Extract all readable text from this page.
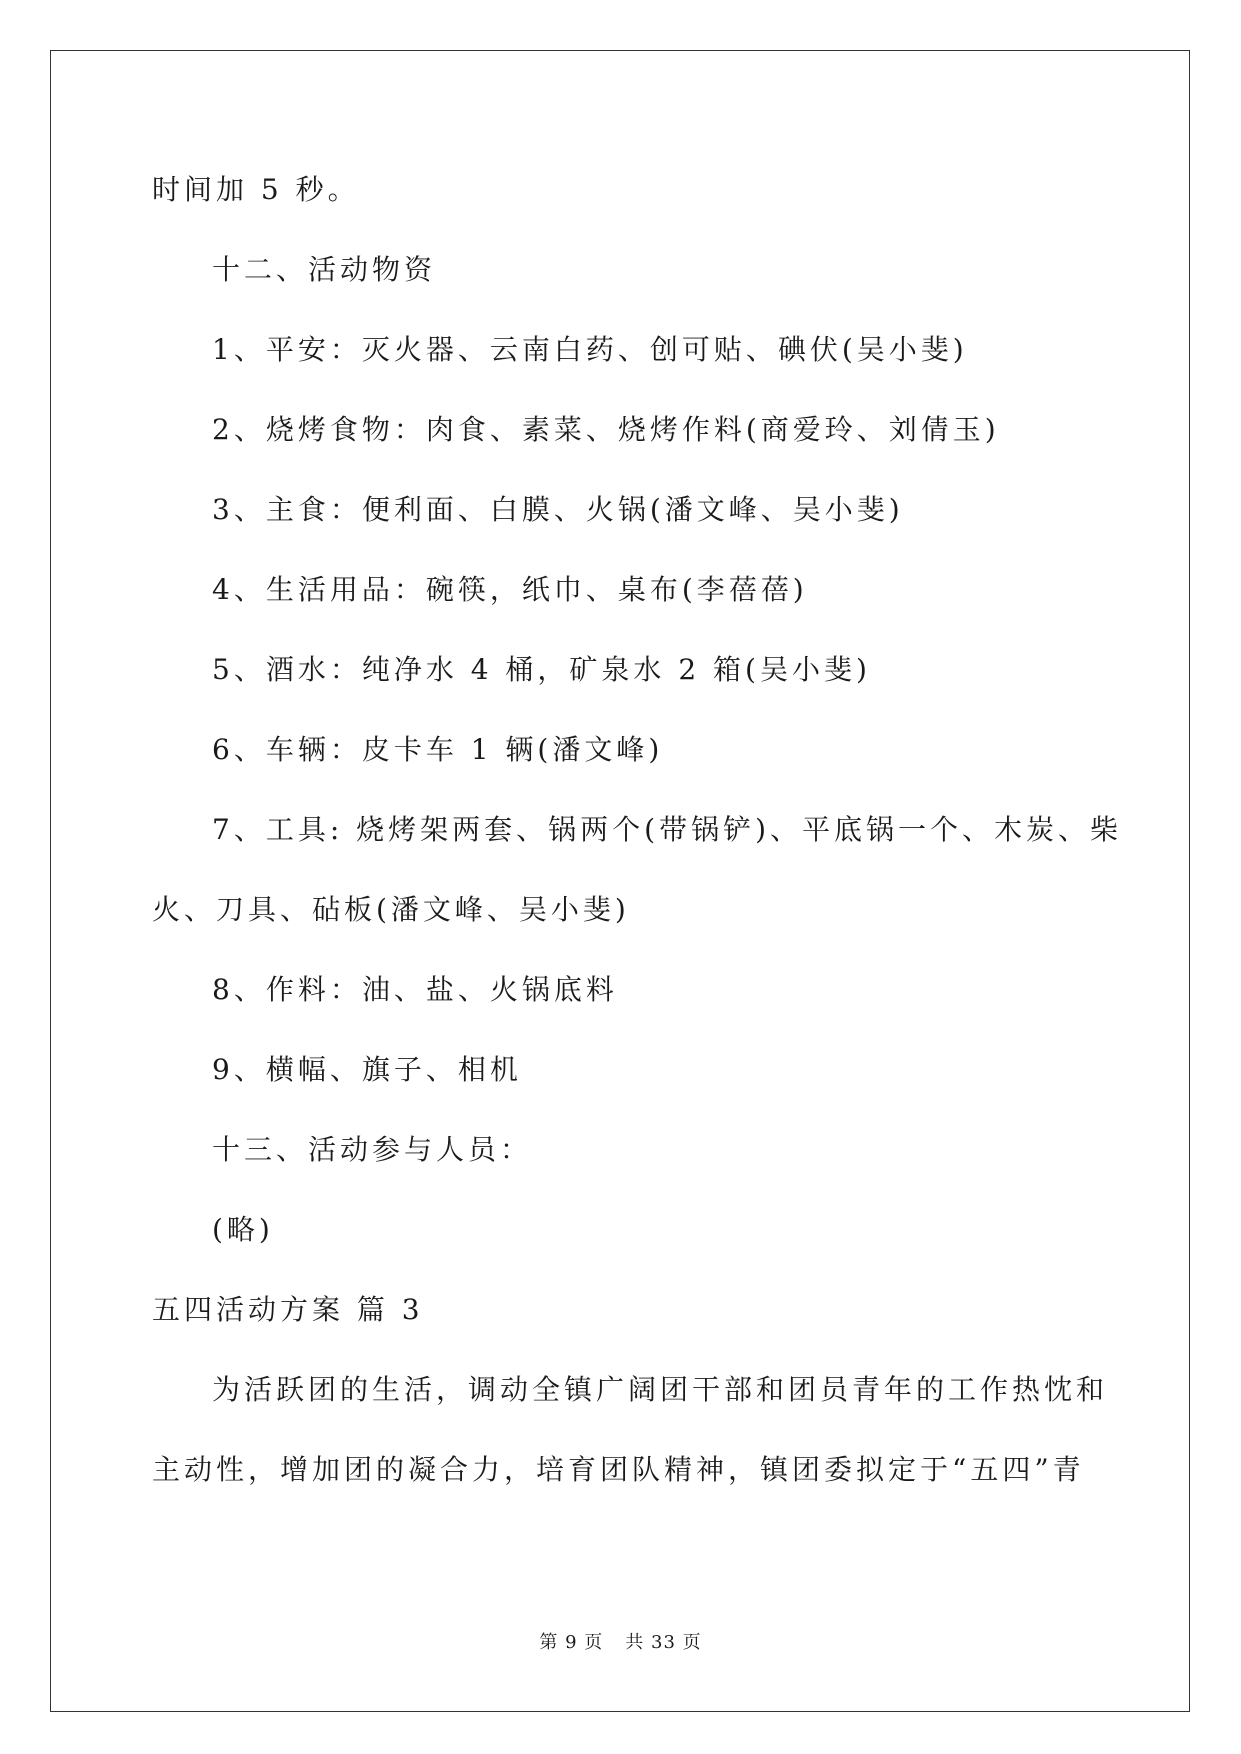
时间加 5 秒。
十二、活动物资
1、平安：灭火器、云南白药、创可贴、碘伏(吴小斐)
2、烧烤食物：肉食、素菜、烧烤作料(商爱玲、刘倩玉)
3、主食：便利面、白膜、火锅(潘文峰、吴小斐)
4、生活用品：碗筷，纸巾、桌布(李蓓蓓)
5、酒水：纯净水 4 桶，矿泉水 2 箱(吴小斐)
6、车辆：皮卡车 1 辆(潘文峰)
7、工具: 烧烤架两套、锅两个(带锅铲)、平底锅一个、木炭、柴
火、刀具、砧板(潘文峰、吴小斐)
8、作料：油、盐、火锅底料
9、横幅、旗子、相机
十三、活动参与人员：
(略)
五四活动方案 篇 3
为活跃团的生活，调动全镇广阔团干部和团员青年的工作热忱和
主动性，增加团的凝合力，培育团队精神，镇团委拟定于“五四”青
第 9 页 共 33 页
